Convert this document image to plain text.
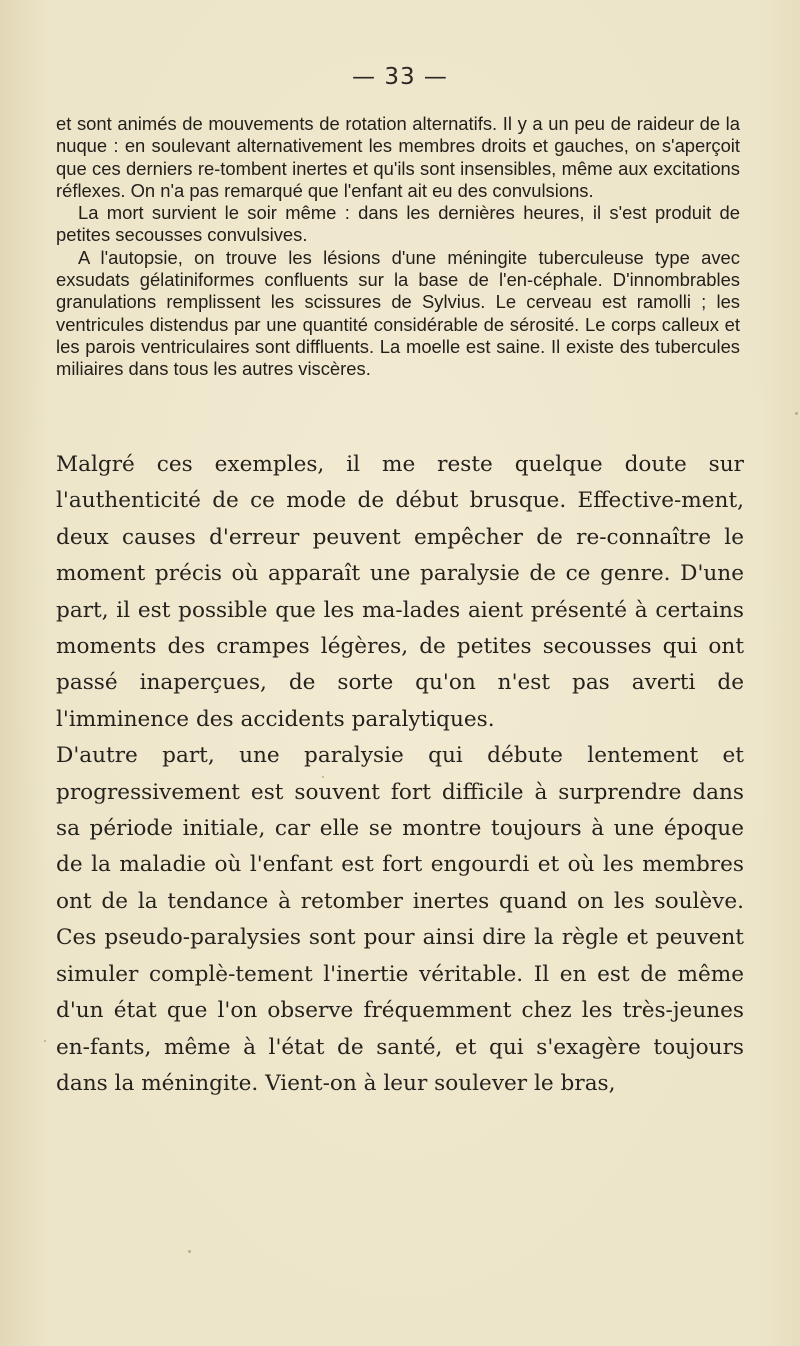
— 33 —

et sont animés de mouvements de rotation alternatifs. Il y a un peu de raideur de la nuque : en soulevant alternativement les membres droits et gauches, on s'aperçoit que ces derniers re-tombent inertes et qu'ils sont insensibles, même aux excitations réflexes. On n'a pas remarqué que l'enfant ait eu des convulsions.

La mort survient le soir même : dans les dernières heures, il s'est produit de petites secousses convulsives.

A l'autopsie, on trouve les lésions d'une méningite tuberculeuse type avec exsudats gélatiniformes confluents sur la base de l'en-céphale. D'innombrables granulations remplissent les scissures de Sylvius. Le cerveau est ramolli ; les ventricules distendus par une quantité considérable de sérosité. Le corps calleux et les parois ventriculaires sont diffluents. La moelle est saine. Il existe des tubercules miliaires dans tous les autres viscères.

Malgré ces exemples, il me reste quelque doute sur l'authenticité de ce mode de début brusque. Effective-ment, deux causes d'erreur peuvent empêcher de re-connaître le moment précis où apparaît une paralysie de ce genre. D'une part, il est possible que les ma-lades aient présenté à certains moments des crampes légères, de petites secousses qui ont passé inaperçues, de sorte qu'on n'est pas averti de l'imminence des accidents paralytiques.

D'autre part, une paralysie qui débute lentement et progressivement est souvent fort difficile à surprendre dans sa période initiale, car elle se montre toujours à une époque de la maladie où l'enfant est fort engourdi et où les membres ont de la tendance à retomber inertes quand on les soulève. Ces pseudo-paralysies sont pour ainsi dire la règle et peuvent simuler complè-tement l'inertie véritable. Il en est de même d'un état que l'on observe fréquemment chez les très-jeunes en-fants, même à l'état de santé, et qui s'exagère toujours dans la méningite. Vient-on à leur soulever le bras,
